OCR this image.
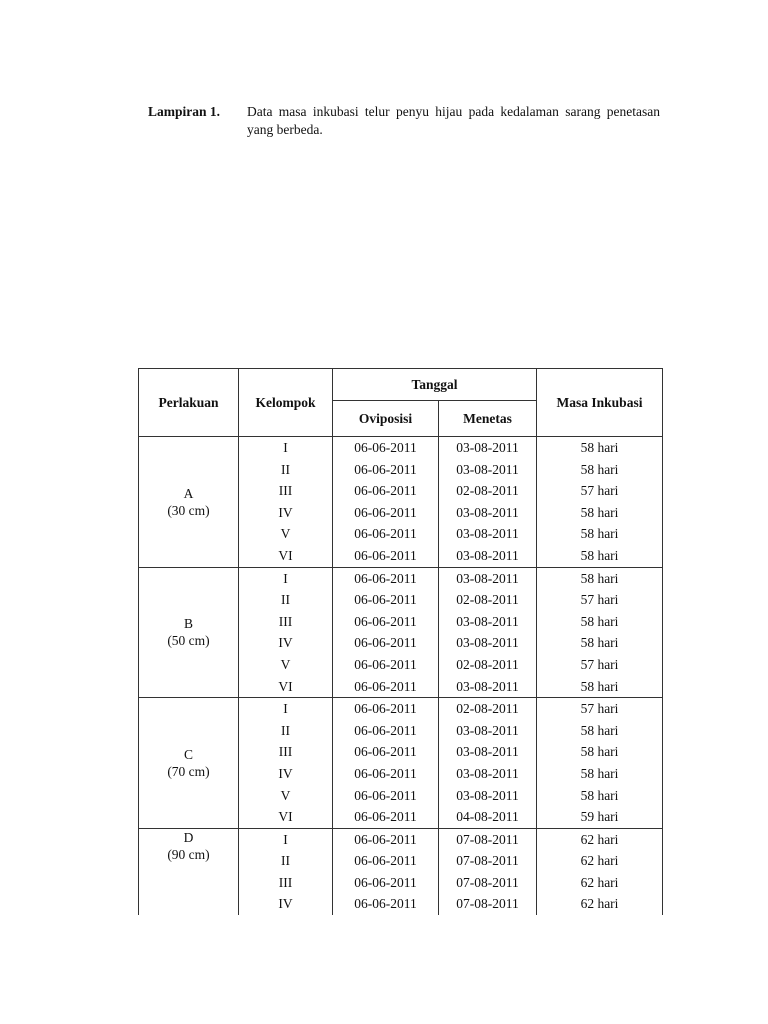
Lampiran 1. Data masa inkubasi telur penyu hijau pada kedalaman sarang penetasan yang berbeda.
Perlakuan	Kelompok	Tanggal		Masa Inkubasi
		Oviposisi	Menetas	

A
(30 cm)	I	06-06-2011	03-08-2011	58 hari
	II	06-06-2011	03-08-2011	58 hari
	III	06-06-2011	02-08-2011	57 hari
	IV	06-06-2011	03-08-2011	58 hari
	V	06-06-2011	03-08-2011	58 hari
	VI	06-06-2011	03-08-2011	58 hari

B
(50 cm)	I	06-06-2011	03-08-2011	58 hari
	II	06-06-2011	02-08-2011	57 hari
	III	06-06-2011	03-08-2011	58 hari
	IV	06-06-2011	03-08-2011	58 hari
	V	06-06-2011	02-08-2011	57 hari
	VI	06-06-2011	03-08-2011	58 hari

C
(70 cm)	I	06-06-2011	02-08-2011	57 hari
	II	06-06-2011	03-08-2011	58 hari
	III	06-06-2011	03-08-2011	58 hari
	IV	06-06-2011	03-08-2011	58 hari
	V	06-06-2011	03-08-2011	58 hari
	VI	06-06-2011	04-08-2011	59 hari

D
(90 cm)	I	06-06-2011	07-08-2011	62 hari
	II	06-06-2011	07-08-2011	62 hari
	III	06-06-2011	07-08-2011	62 hari
	IV	06-06-2011	07-08-2011	62 hari
